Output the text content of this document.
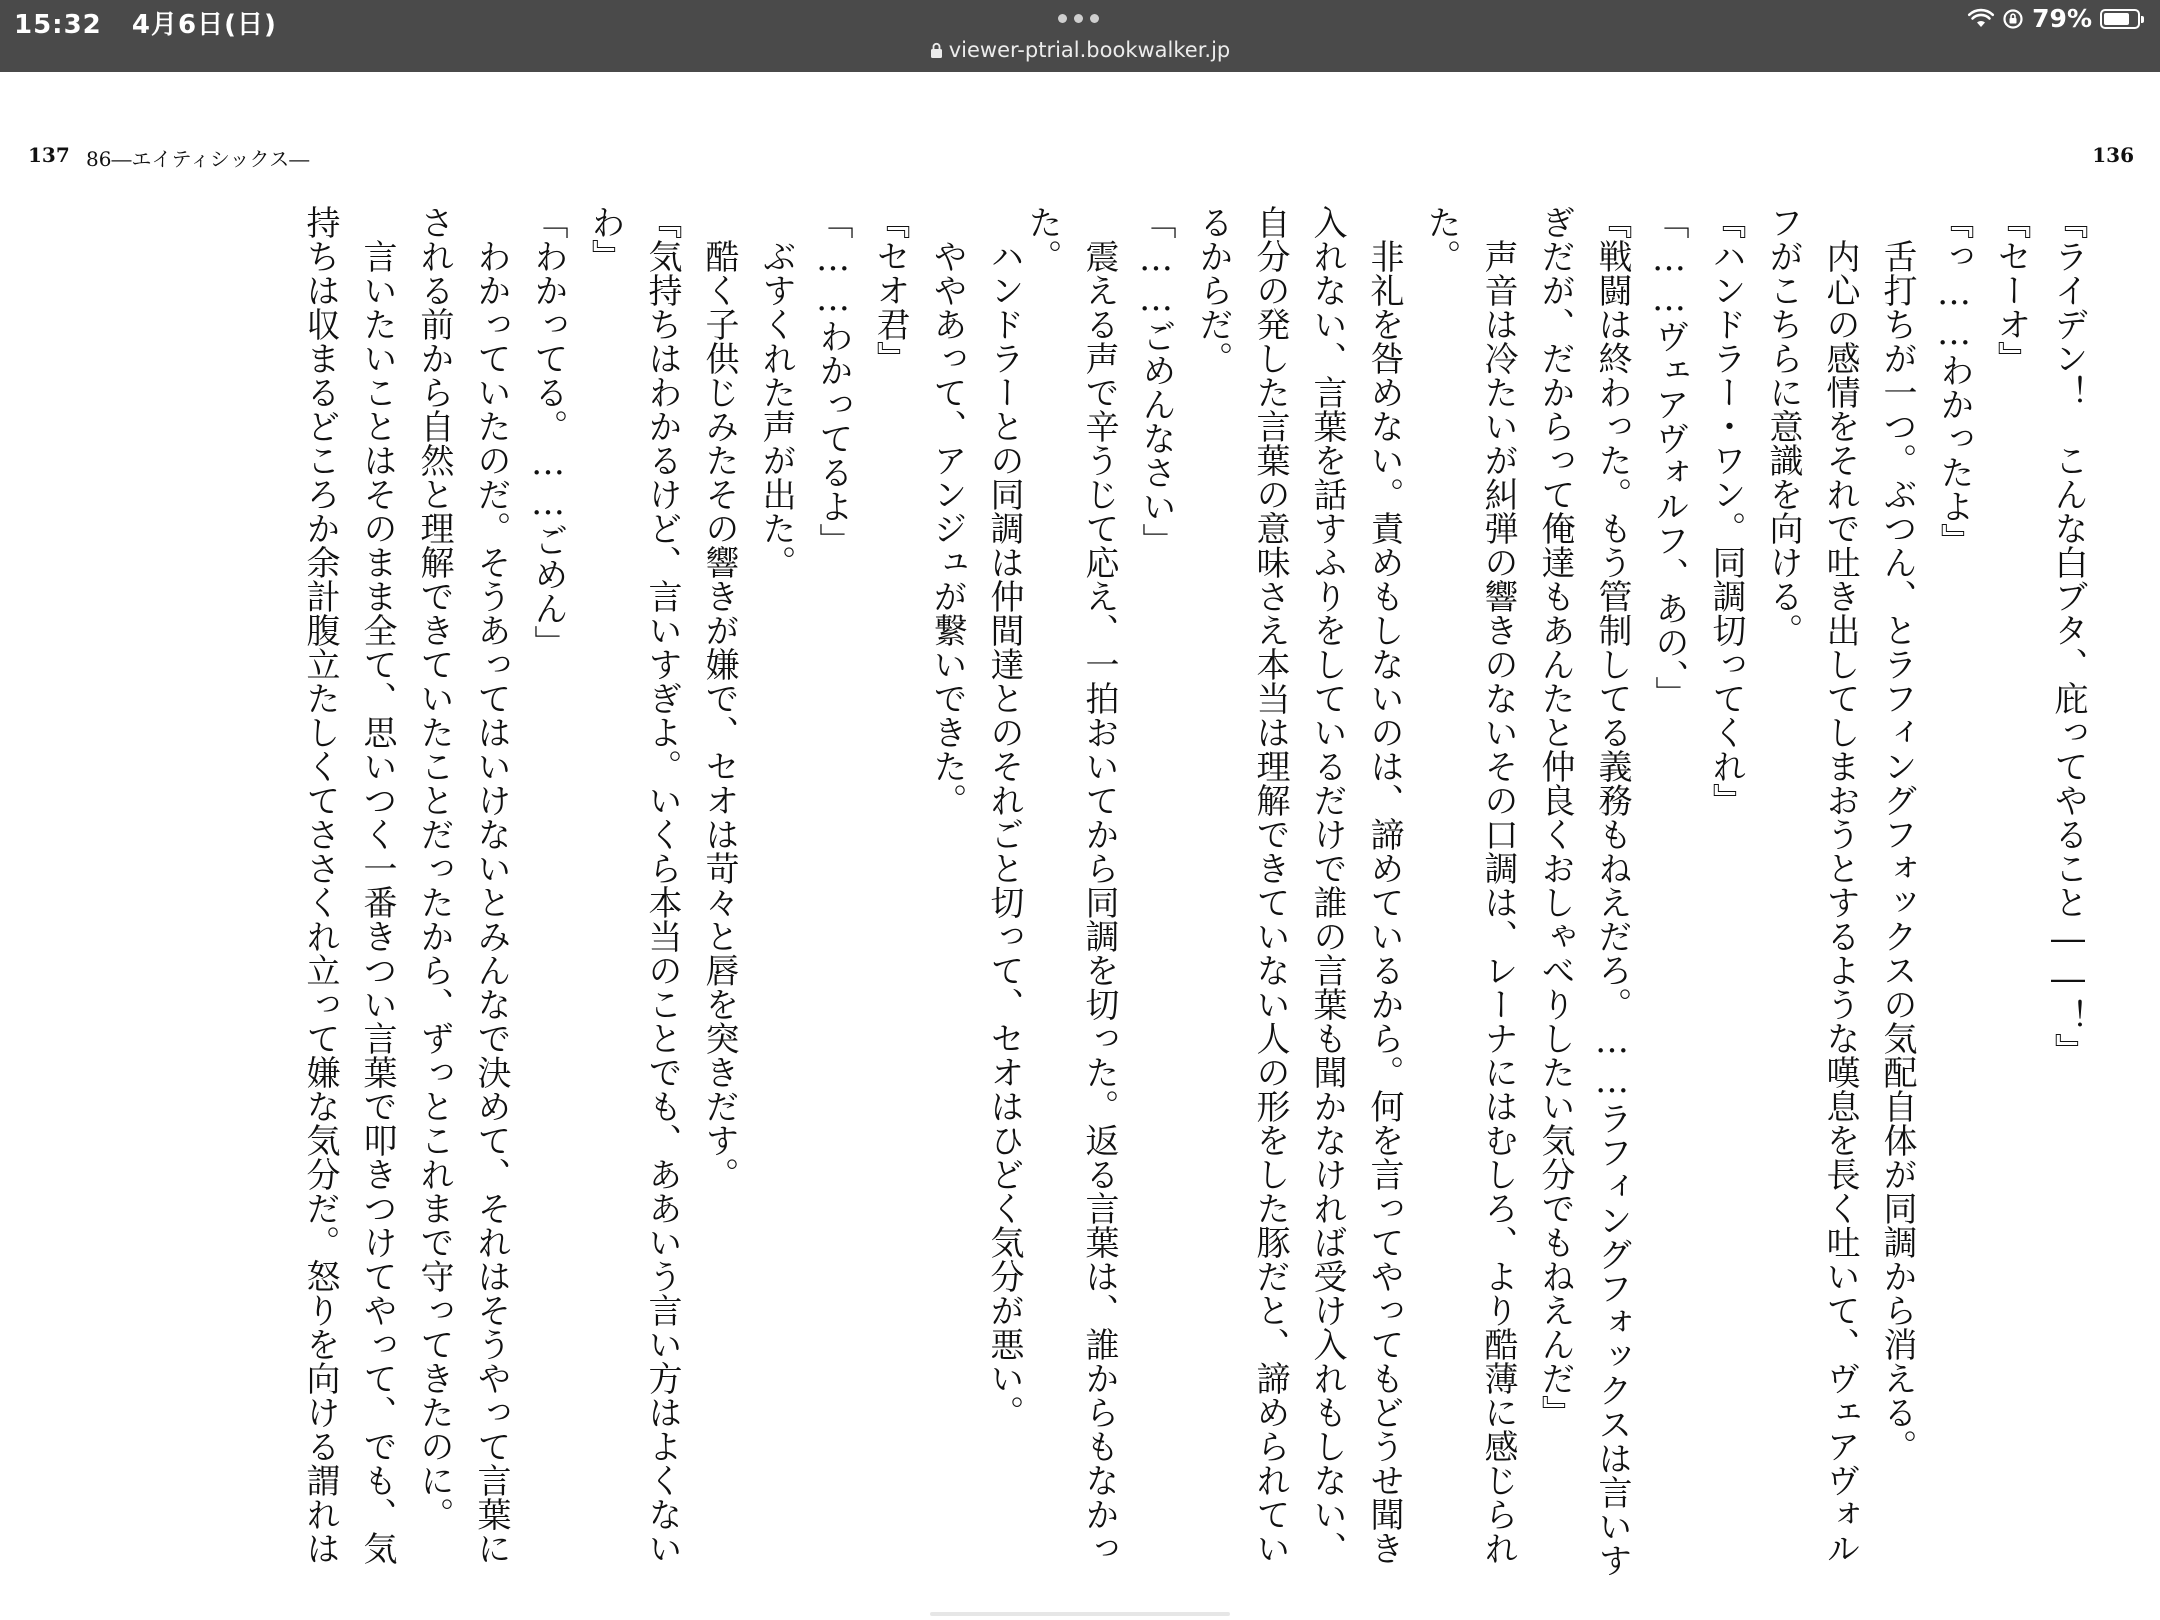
15:32 4月6日(日)
viewer-ptrial.bookwalker.jp
79%
137 86―エイティシックス―	136
『ライデン！　こんな白ブタ、庇ってやること――！』
『セーオ』
『っ……わかったよ』
　舌打ちが一つ。ぶつん、とラフィングフォックスの気配自体が同調から消える。
　内心の感情をそれで吐き出してしまおうとするような嘆息を長く吐いて、ヴェアヴォル
フがこちらに意識を向ける。
『ハンドラー・ワン。同調切ってくれ』
「……ヴェアヴォルフ、あの、」
『戦闘は終わった。もう管制してる義務もねえだろ。……ラフィングフォックスは言いす
ぎだが、だからって俺達もあんたと仲良くおしゃべりしたい気分でもねえんだ』
　声音は冷たいが糾弾の響きのないその口調は、レーナにはむしろ、より酷薄に感じられ
た。
　非礼を咎めない。責めもしないのは、諦めているから。何を言ってやってもどうせ聞き
入れない、言葉を話すふりをしているだけで誰の言葉も聞かなければ受け入れもしない、
自分の発した言葉の意味さえ本当は理解できていない人の形をした豚だと、諦められてい
るからだ。
「……ごめんなさい」
　震える声で辛うじて応え、一拍おいてから同調を切った。返る言葉は、誰からもなかっ
た。
　ハンドラーとの同調は仲間達とのそれごと切って、セオはひどく気分が悪い。
　ややあって、アンジュが繋いできた。
『セオ君』
「……わかってるよ」
　ぶすくれた声が出た。
　酷く子供じみたその響きが嫌で、セオは苛々と唇を突きだす。
『気持ちはわかるけど、言いすぎよ。いくら本当のことでも、ああいう言い方はよくない
わ』
「わかってる。……ごめん」
　わかっていたのだ。そうあってはいけないとみんなで決めて、それはそうやって言葉に
される前から自然と理解できていたことだったから、ずっとこれまで守ってきたのに。
　言いたいことはそのまま全て、思いつく一番きつい言葉で叩きつけてやって、でも、気
持ちは収まるどころか余計腹立たしくてささくれ立って嫌な気分だ。怒りを向ける謂れは
